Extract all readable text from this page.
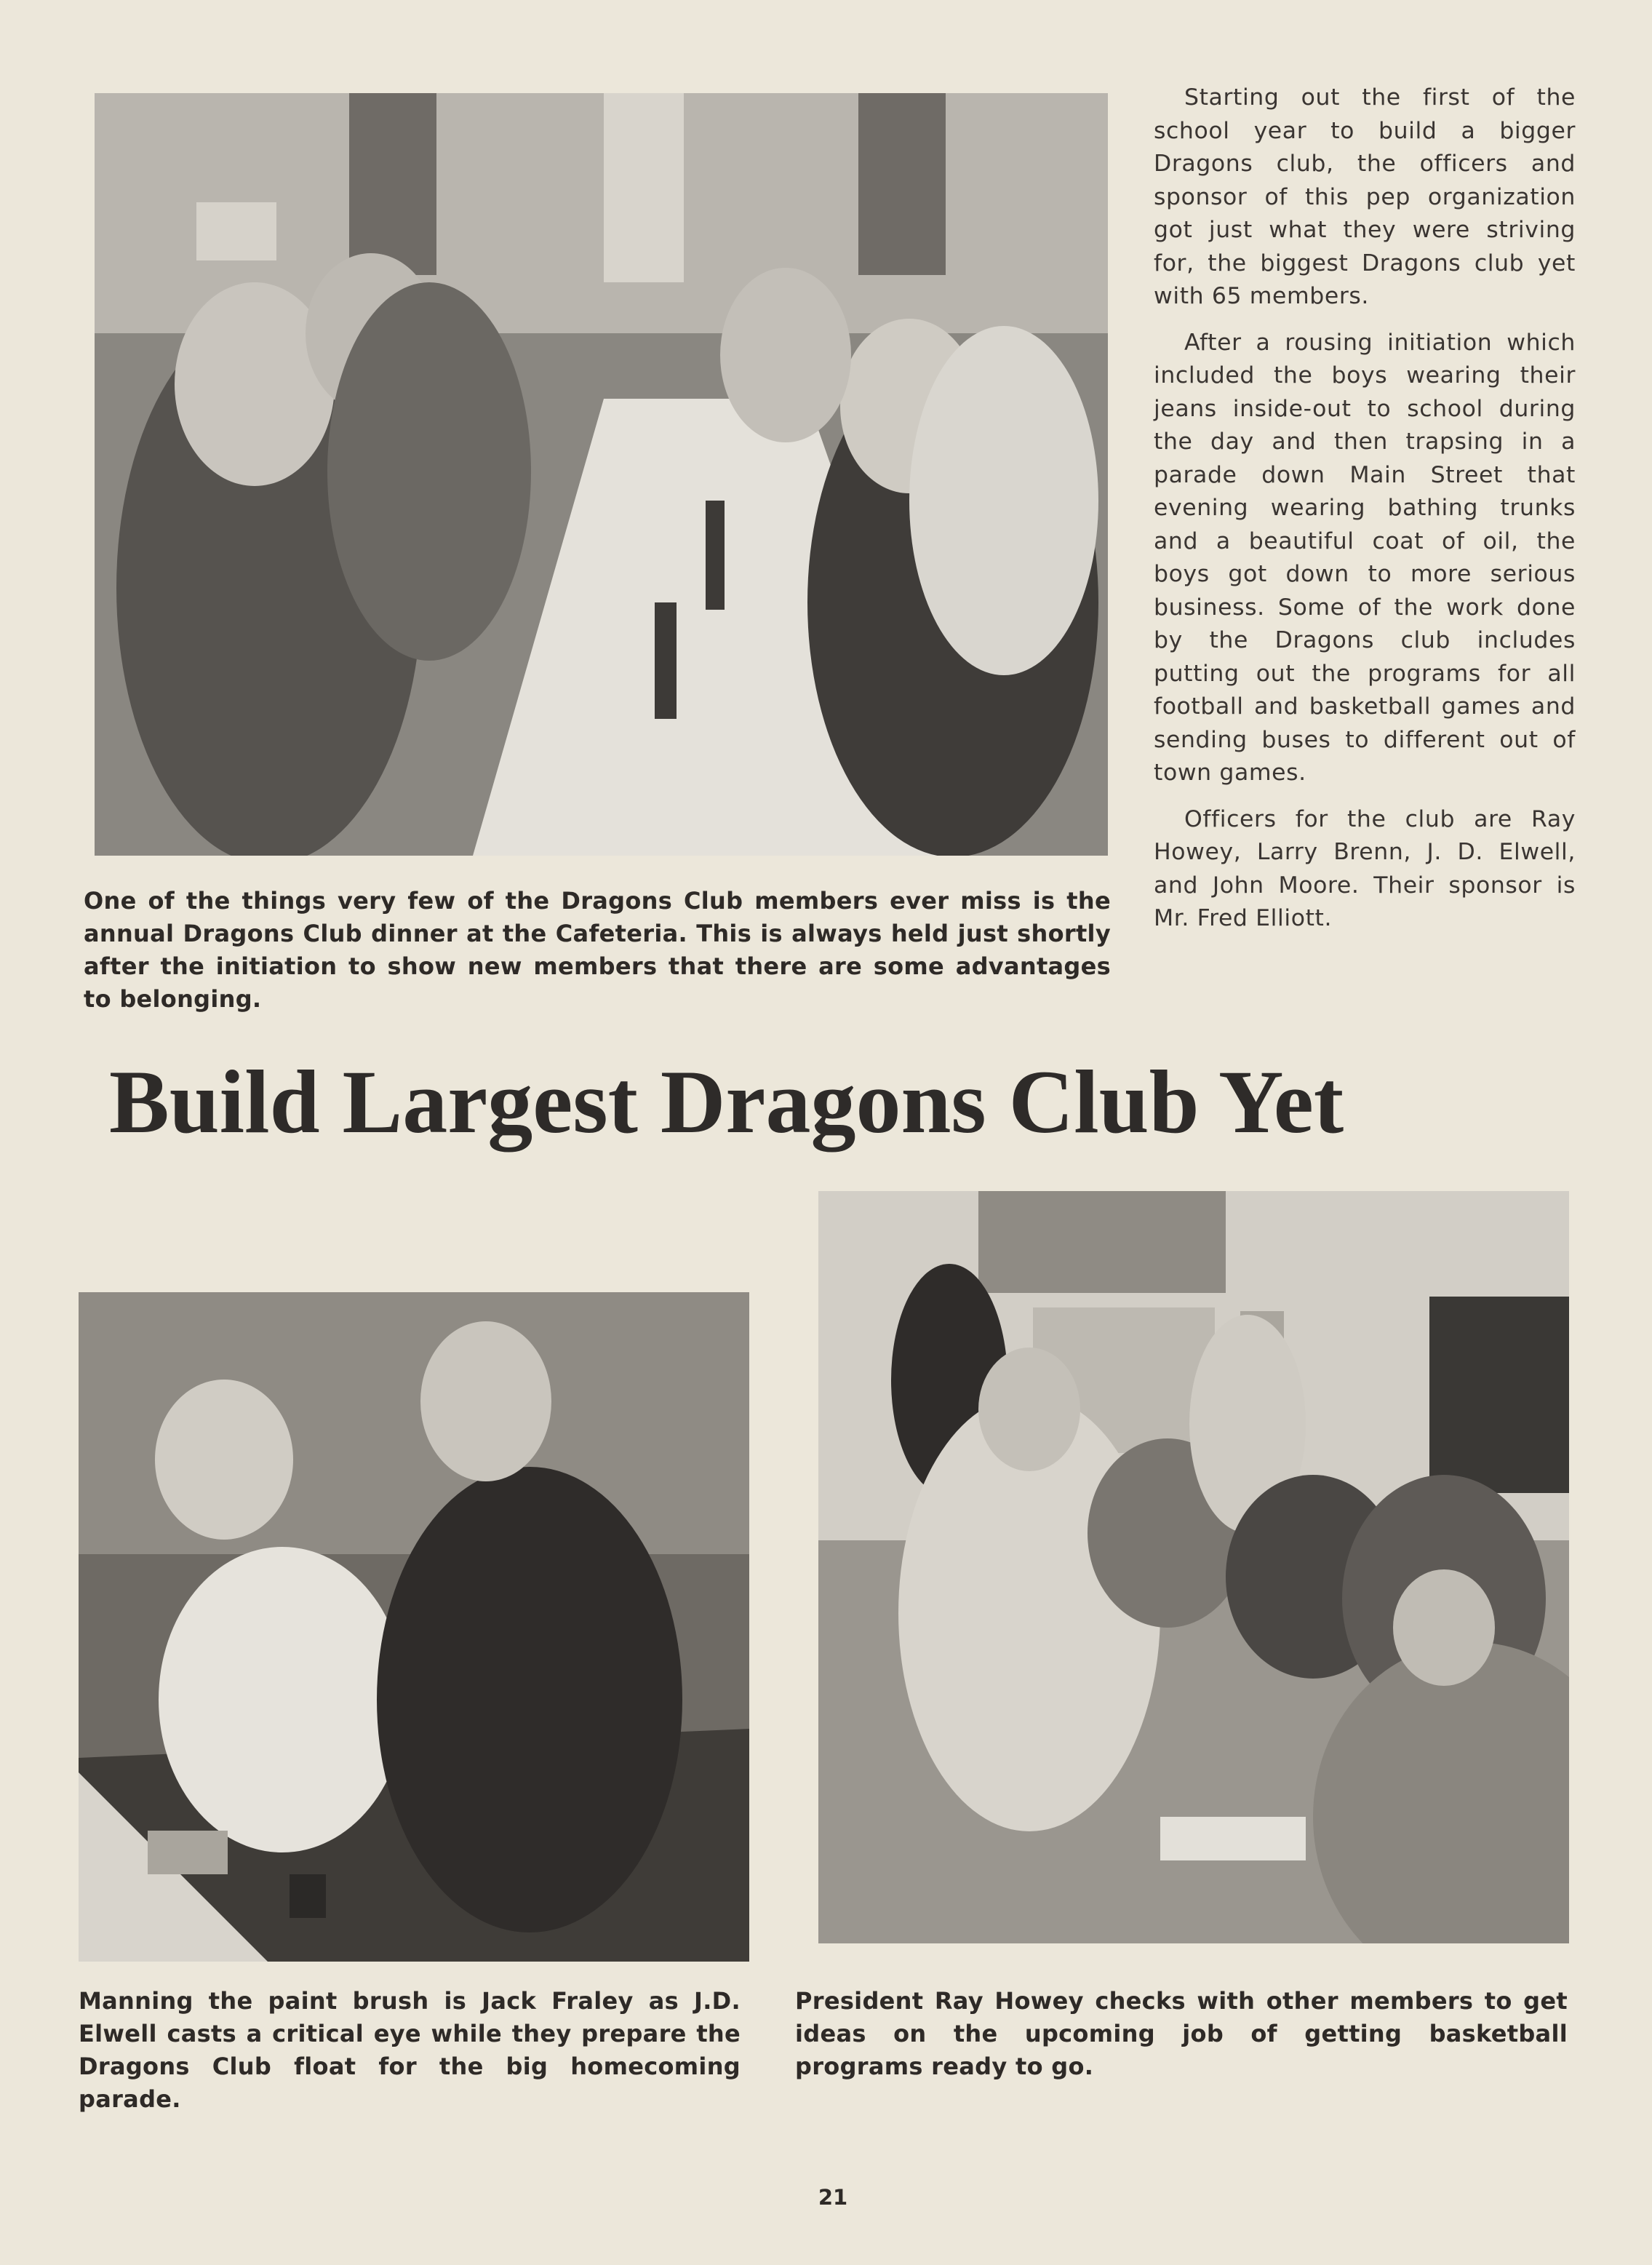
Starting out the first of the school year to build a bigger Dragons club, the officers and sponsor of this pep organization got just what they were striving for, the biggest Dragons club yet with 65 members.

After a rousing initiation which included the boys wearing their jeans inside-out to school during the day and then trapsing in a parade down Main Street that evening wearing bathing trunks and a beautiful coat of oil, the boys got down to more serious business. Some of the work done by the Dragons club includes putting out the programs for all football and basketball games and sending buses to different out of town games.

Officers for the club are Ray Howey, Larry Brenn, J. D. Elwell, and John Moore. Their sponsor is Mr. Fred Elliott.

One of the things very few of the Dragons Club members ever miss is the annual Dragons Club dinner at the Cafeteria. This is always held just shortly after the initiation to show new members that there are some advantages to belonging.

Build Largest Dragons Club Yet

Manning the paint brush is Jack Fraley as J.D. Elwell casts a critical eye while they prepare the Dragons Club float for the big homecoming parade.

President Ray Howey checks with other members to get ideas on the upcoming job of getting basketball programs ready to go.

21
